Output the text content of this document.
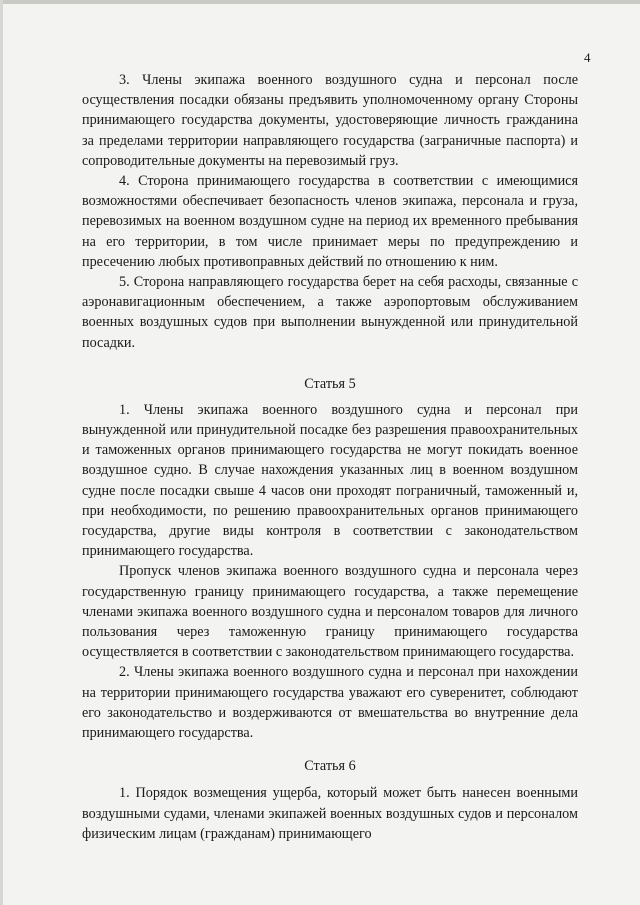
4

3. Члены экипажа военного воздушного судна и персонал после осуществления посадки обязаны предъявить уполномоченному органу Стороны принимающего государства документы, удостоверяющие личность гражданина за пределами территории направляющего государства (заграничные паспорта) и сопроводительные документы на перевозимый груз.

4. Сторона принимающего государства в соответствии с имеющимися возможностями обеспечивает безопасность членов экипажа, персонала и груза, перевозимых на военном воздушном судне на период их временного пребывания на его территории, в том числе принимает меры по предупреждению и пресечению любых противоправных действий по отношению к ним.

5. Сторона направляющего государства берет на себя расходы, связанные с аэронавигационным обеспечением, а также аэропортовым обслуживанием военных воздушных судов при выполнении вынужденной или принудительной посадки.

Статья 5

1. Члены экипажа военного воздушного судна и персонал при вынужденной или принудительной посадке без разрешения правоохранительных и таможенных органов принимающего государства не могут покидать военное воздушное судно. В случае нахождения указанных лиц в военном воздушном судне после посадки свыше 4 часов они проходят пограничный, таможенный и, при необходимости, по решению правоохранительных органов принимающего государства, другие виды контроля в соответствии с законодательством принимающего государства.

Пропуск членов экипажа военного воздушного судна и персонала через государственную границу принимающего государства, а также перемещение членами экипажа военного воздушного судна и персоналом товаров для личного пользования через таможенную границу принимающего государства осуществляется в соответствии с законодательством принимающего государства.

2. Члены экипажа военного воздушного судна и персонал при нахождении на территории принимающего государства уважают его суверенитет, соблюдают его законодательство и воздерживаются от вмешательства во внутренние дела принимающего государства.

Статья 6

1. Порядок возмещения ущерба, который может быть нанесен военными воздушными судами, членами экипажей военных воздушных судов и персоналом физическим лицам (гражданам) принимающего
